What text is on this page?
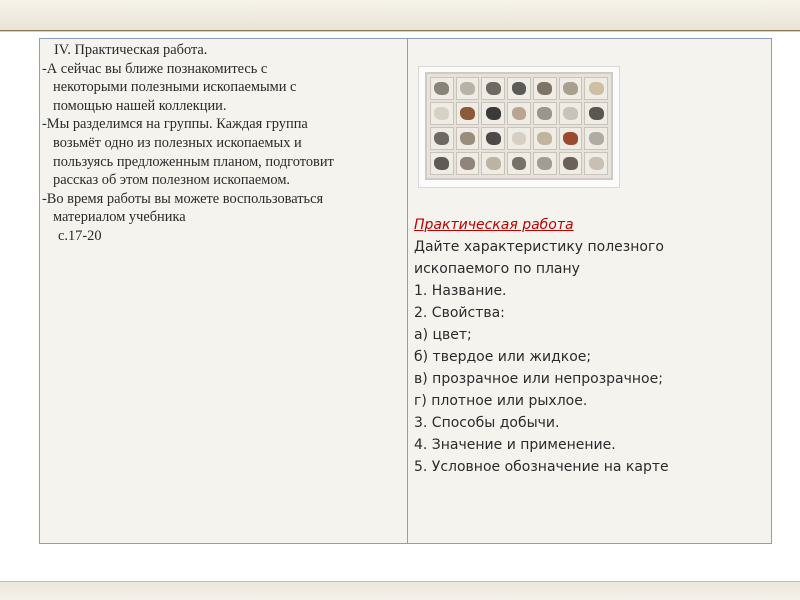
IV. Практическая работа.
-А сейчас вы ближе познакомитесь с
некоторыми полезными ископаемыми с
помощью нашей коллекции.
-Мы разделимся на группы. Каждая группа
возьмёт одно из полезных ископаемых и
пользуясь предложенным планом, подготовит
рассказ об этом полезном ископаемом.
-Во время работы вы можете воспользоваться
материалом учебника
с.17-20
Практическая работа
Дайте характеристику полезного
ископаемого по плану
1. Название.
2. Свойства:
а) цвет;
б) твердое или жидкое;
в) прозрачное или непрозрачное;
г) плотное или рыхлое.
3. Способы добычи.
4. Значение и применение.
5. Условное обозначение на карте
